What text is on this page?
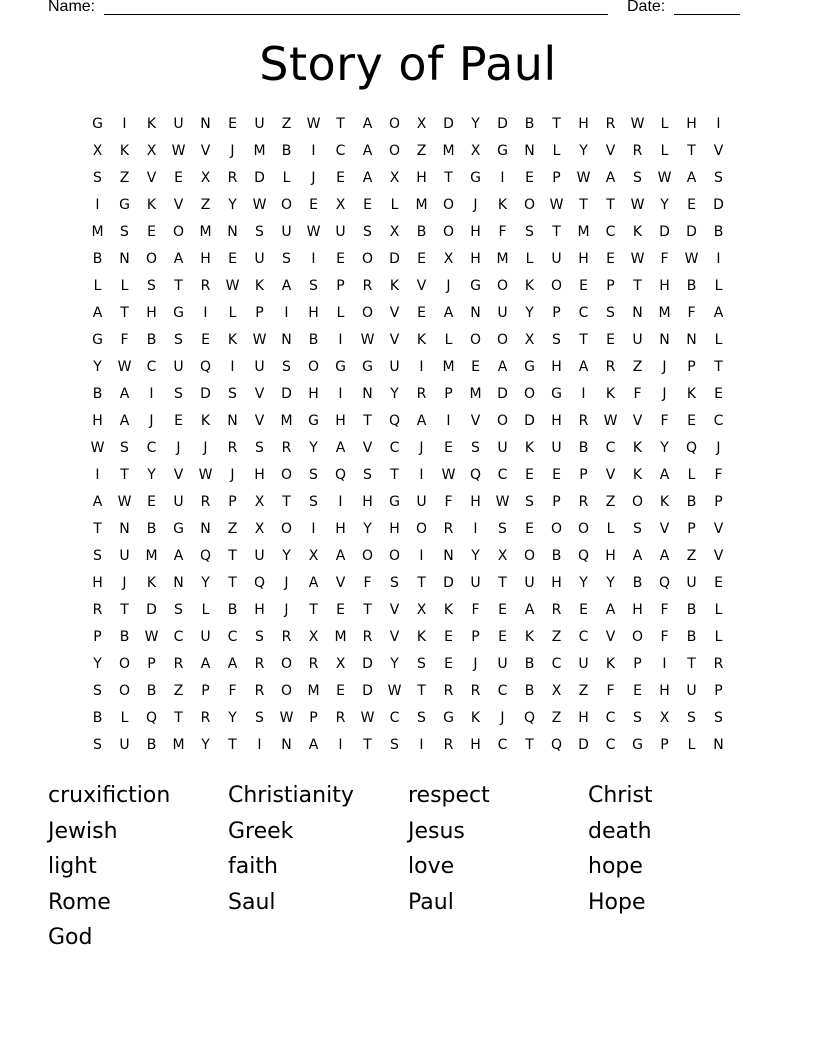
Name:	Date:
Story of Paul
G	I	K	U	N	E	U	Z	W	T	A	O	X	D	Y	D	B	T	H	R	W	L	H	I
X	K	X	W	V	J	M	B	I	C	A	O	Z	M	X	G	N	L	Y	V	R	L	T	V
S	Z	V	E	X	R	D	L	J	E	A	X	H	T	G	I	E	P	W	A	S	W	A	S
I	G	K	V	Z	Y	W	O	E	X	E	L	M	O	J	K	O	W	T	T	W	Y	E	D
M	S	E	O	M	N	S	U	W	U	S	X	B	O	H	F	S	T	M	C	K	D	D	B
B	N	O	A	H	E	U	S	I	E	O	D	E	X	H	M	L	U	H	E	W	F	W	I
L	L	S	T	R	W	K	A	S	P	R	K	V	J	G	O	K	O	E	P	T	H	B	L
A	T	H	G	I	L	P	I	H	L	O	V	E	A	N	U	Y	P	C	S	N	M	F	A
G	F	B	S	E	K	W	N	B	I	W	V	K	L	O	O	X	S	T	E	U	N	N	L
Y	W	C	U	Q	I	U	S	O	G	G	U	I	M	E	A	G	H	A	R	Z	J	P	T
B	A	I	S	D	S	V	D	H	I	N	Y	R	P	M	D	O	G	I	K	F	J	K	E
H	A	J	E	K	N	V	M	G	H	T	Q	A	I	V	O	D	H	R	W	V	F	E	C
W	S	C	J	J	R	S	R	Y	A	V	C	J	E	S	U	K	U	B	C	K	Y	Q	J
I	T	Y	V	W	J	H	O	S	Q	S	T	I	W	Q	C	E	E	P	V	K	A	L	F
A	W	E	U	R	P	X	T	S	I	H	G	U	F	H	W	S	P	R	Z	O	K	B	P
T	N	B	G	N	Z	X	O	I	H	Y	H	O	R	I	S	E	O	O	L	S	V	P	V
S	U	M	A	Q	T	U	Y	X	A	O	O	I	N	Y	X	O	B	Q	H	A	A	Z	V
H	J	K	N	Y	T	Q	J	A	V	F	S	T	D	U	T	U	H	Y	Y	B	Q	U	E
R	T	D	S	L	B	H	J	T	E	T	V	X	K	F	E	A	R	E	A	H	F	B	L
P	B	W	C	U	C	S	R	X	M	R	V	K	E	P	E	K	Z	C	V	O	F	B	L
Y	O	P	R	A	A	R	O	R	X	D	Y	S	E	J	U	B	C	U	K	P	I	T	R
S	O	B	Z	P	F	R	O	M	E	D	W	T	R	R	C	B	X	Z	F	E	H	U	P
B	L	Q	T	R	Y	S	W	P	R	W	C	S	G	K	J	Q	Z	H	C	S	X	S	S
S	U	B	M	Y	T	I	N	A	I	T	S	I	R	H	C	T	Q	D	C	G	P	L	N
cruxifiction	Christianity	respect	Christ
Jewish	Greek	Jesus	death
light	faith	love	hope
Rome	Saul	Paul	Hope
God
